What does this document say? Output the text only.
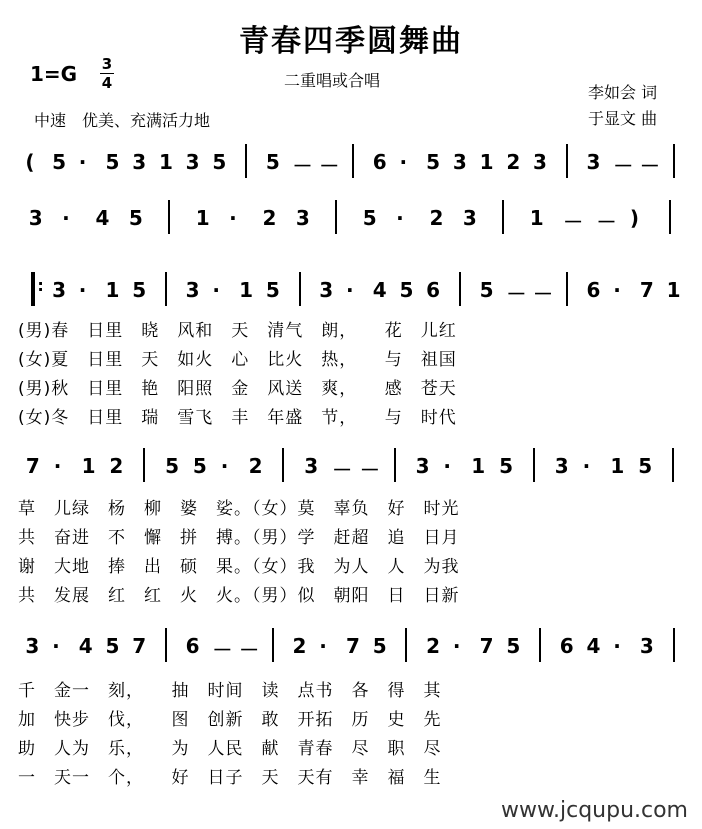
青春四季圆舞曲
1=G 3
4	二重唱或合唱
李如会 词
于显文 曲
中速　优美、充满活力地
( 5 · 5 3 1 3 5 5 － － 6 · 5 3 1 2 3 3 － －
3 · 4 5	1 · 2 3	5 · 2 3	1 － － )
: 3 · 1 5 3 · 1 5 3 · 4 5 6 5 － － 6 · 7 1
7 · 1 2 5 5 · 2 3 － － 3 · 1 5 3 · 1 5
3 · 4 5 7 6 － － 2 · 7 5 2 · 7 5 6 4 · 3
(男)春　日里　晓　风和　天　清气　朗，　　花　儿红
(女)夏　日里　天　如火　心　比火　热，　　与　祖国
(男)秋　日里　艳　阳照　金　风送　爽，　　感　苍天
(女)冬　日里　瑞　雪飞　丰　年盛　节，　　与　时代
草　儿绿　杨　柳　婆　娑。（女）莫　辜负　好　时光
共　奋进　不　懈　拼　搏。（男）学　赶超　追　日月
谢　大地　捧　出　硕　果。（女）我　为人　人　为我
共　发展　红　红　火　火。（男）似　朝阳　日　日新
千　金一　刻，　　抽　时间　读　点书　各　得　其
加　快步　伐，　　图　创新　敢　开拓　历　史　先
助　人为　乐，　　为　人民　献　青春　尽　职　尽
一　天一　个，　　好　日子　天　天有　幸　福　生
www.jcqupu.com
